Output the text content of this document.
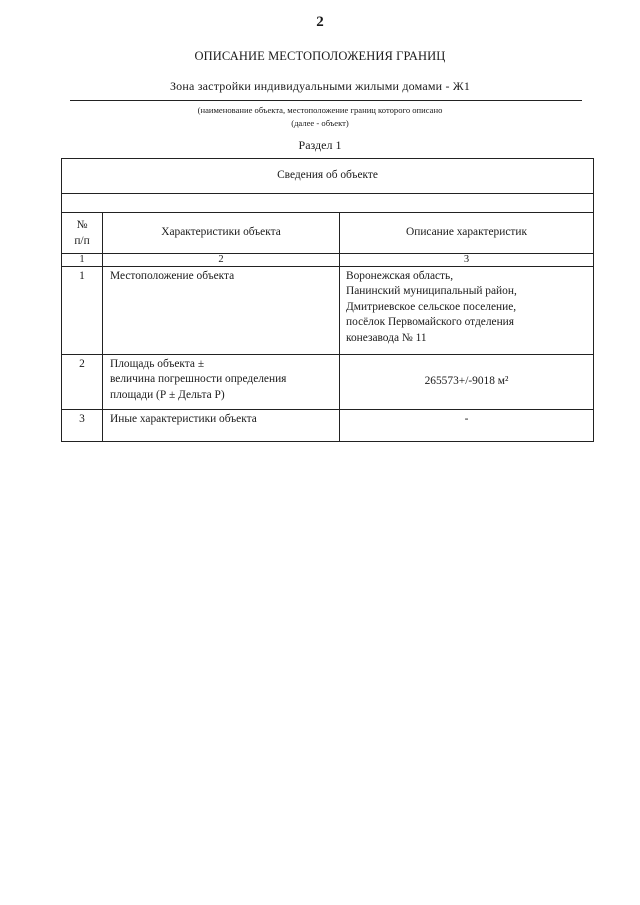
2
ОПИСАНИЕ МЕСТОПОЛОЖЕНИЯ ГРАНИЦ
Зона застройки индивидуальными жилыми домами - Ж1
(наименование объекта, местоположение границ которого описано
(далее - объект)
Раздел 1
Сведения об объекте		

№
п/п	Характеристики объекта	Описание характеристик
1	2	3
1	Местоположение объекта	Воронежская область,
Панинский муниципальный район,
Дмитриевское сельское поселение,
посёлок Первомайского отделения
конезавода № 11

2	Площадь объекта ±
величина погрешности определения
площади (Р ± Дельта Р)	265573+/-9018 м²
3	Иные характеристики объекта	-
